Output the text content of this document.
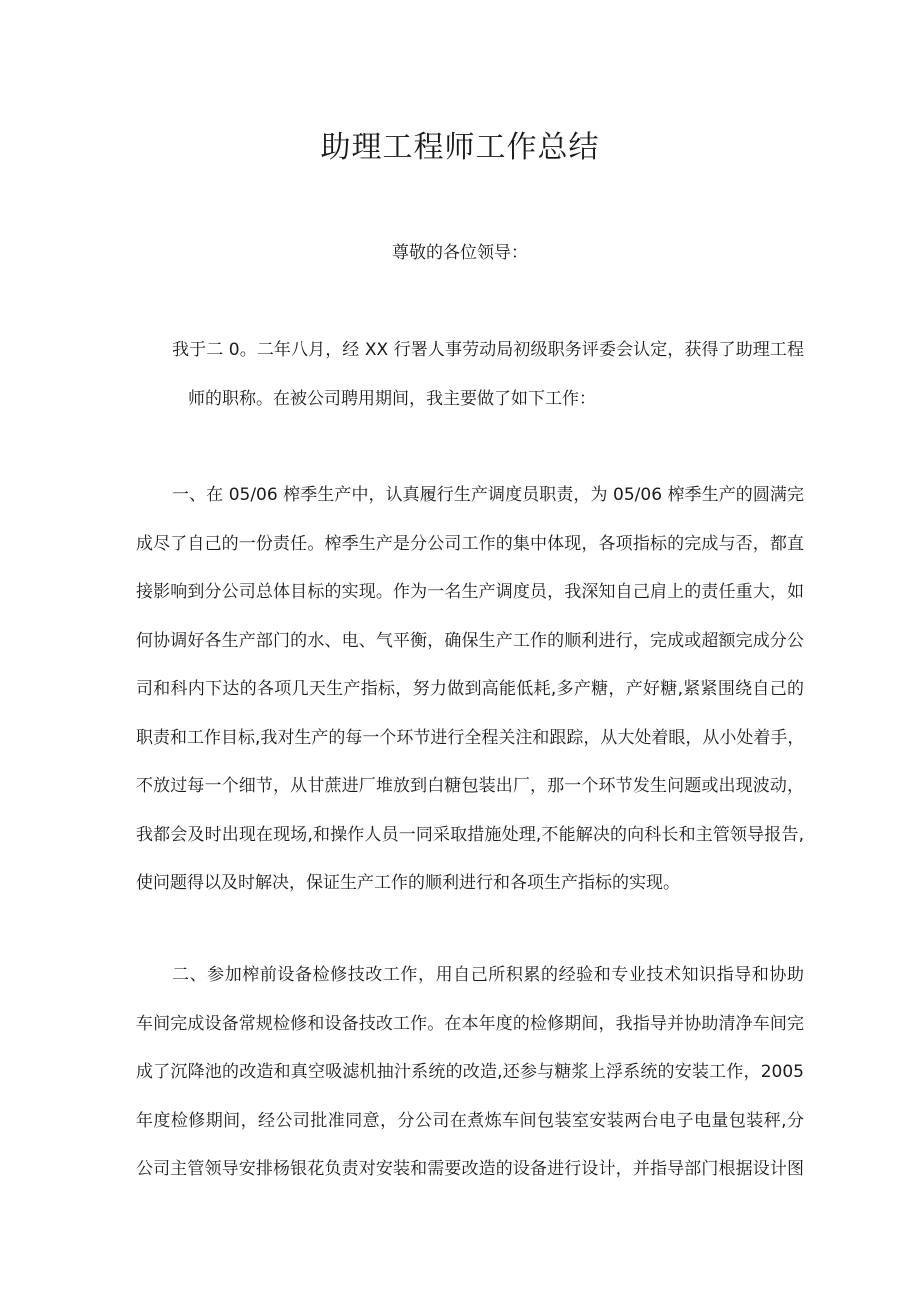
助理工程师工作总结
尊敬的各位领导：
我于二 0。二年八月，经 XX 行署人事劳动局初级职务评委会认定，获得了助理工程
师的职称。在被公司聘用期间，我主要做了如下工作：
一、在 05/06 榨季生产中，认真履行生产调度员职责，为 05/06 榨季生产的圆满完
成尽了自己的一份责任。榨季生产是分公司工作的集中体现，各项指标的完成与否，都直
接影响到分公司总体目标的实现。作为一名生产调度员，我深知自己肩上的责任重大，如
何协调好各生产部门的水、电、气平衡，确保生产工作的顺利进行，完成或超额完成分公
司和科内下达的各项几天生产指标，努力做到高能低耗,多产糖，产好糖,紧紧围绕自己的
职责和工作目标,我对生产的每一个环节进行全程关注和跟踪，从大处着眼，从小处着手，
不放过每一个细节，从甘蔗进厂堆放到白糖包装出厂，那一个环节发生问题或出现波动，
我都会及时出现在现场,和操作人员一同采取措施处理,不能解决的向科长和主管领导报告,
使问题得以及时解决，保证生产工作的顺利进行和各项生产指标的实现。
二、参加榨前设备检修技改工作，用自己所积累的经验和专业技术知识指导和协助
车间完成设备常规检修和设备技改工作。在本年度的检修期间，我指导并协助清净车间完
成了沉降池的改造和真空吸滤机抽汁系统的改造,还参与糖浆上浮系统的安装工作，2005
年度检修期间，经公司批准同意，分公司在煮炼车间包装室安装两台电子电量包装秤,分
公司主管领导安排杨银花负责对安装和需要改造的设备进行设计，并指导部门根据设计图
